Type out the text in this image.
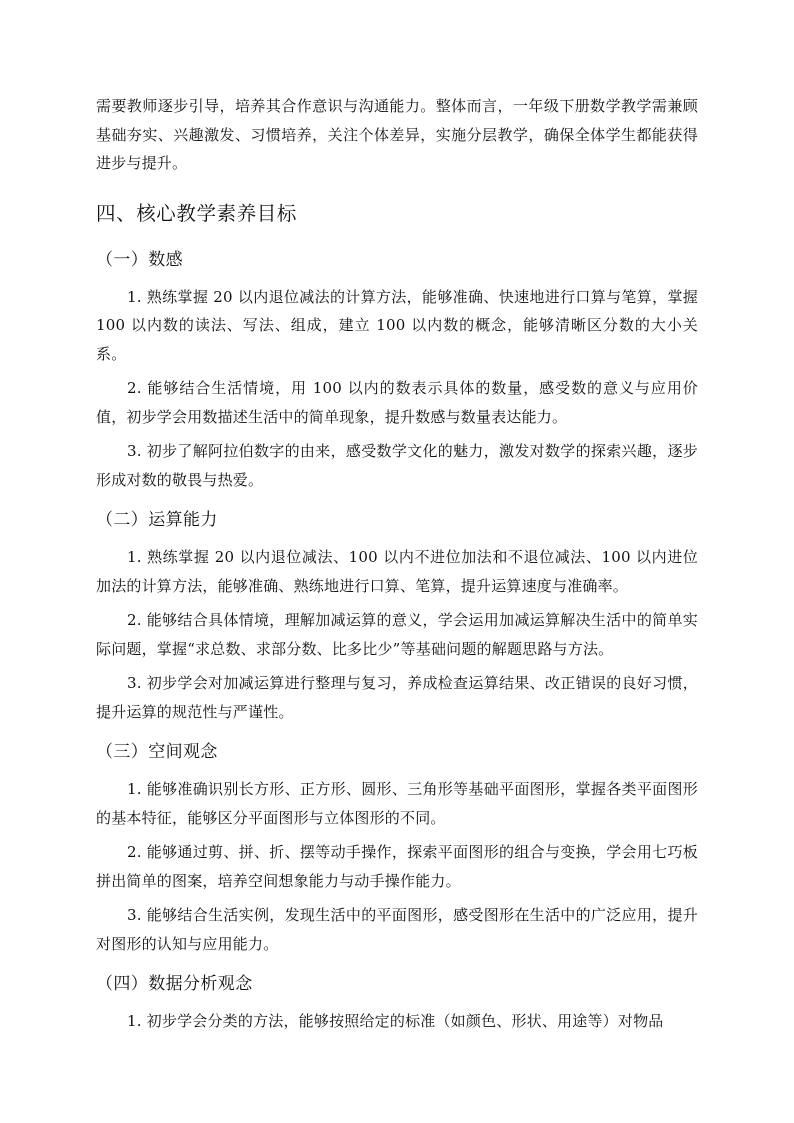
需要教师逐步引导，培养其合作意识与沟通能力。整体而言，一年级下册数学教学需兼顾基础夯实、兴趣激发、习惯培养，关注个体差异，实施分层教学，确保全体学生都能获得进步与提升。

四、核心教学素养目标
（一）数感

1. 熟练掌握 20 以内退位减法的计算方法，能够准确、快速地进行口算与笔算，掌握 100 以内数的读法、写法、组成，建立 100 以内数的概念，能够清晰区分数的大小关系。

2. 能够结合生活情境，用 100 以内的数表示具体的数量，感受数的意义与应用价值，初步学会用数描述生活中的简单现象，提升数感与数量表达能力。

3. 初步了解阿拉伯数字的由来，感受数学文化的魅力，激发对数学的探索兴趣，逐步形成对数的敬畏与热爱。

（二）运算能力

1. 熟练掌握 20 以内退位减法、100 以内不进位加法和不退位减法、100 以内进位加法的计算方法，能够准确、熟练地进行口算、笔算，提升运算速度与准确率。

2. 能够结合具体情境，理解加减运算的意义，学会运用加减运算解决生活中的简单实际问题，掌握“求总数、求部分数、比多比少”等基础问题的解题思路与方法。

3. 初步学会对加减运算进行整理与复习，养成检查运算结果、改正错误的良好习惯，提升运算的规范性与严谨性。

（三）空间观念

1. 能够准确识别长方形、正方形、圆形、三角形等基础平面图形，掌握各类平面图形的基本特征，能够区分平面图形与立体图形的不同。

2. 能够通过剪、拼、折、摆等动手操作，探索平面图形的组合与变换，学会用七巧板拼出简单的图案，培养空间想象能力与动手操作能力。

3. 能够结合生活实例，发现生活中的平面图形，感受图形在生活中的广泛应用，提升对图形的认知与应用能力。

（四）数据分析观念

1. 初步学会分类的方法，能够按照给定的标准（如颜色、形状、用途等）对物品
